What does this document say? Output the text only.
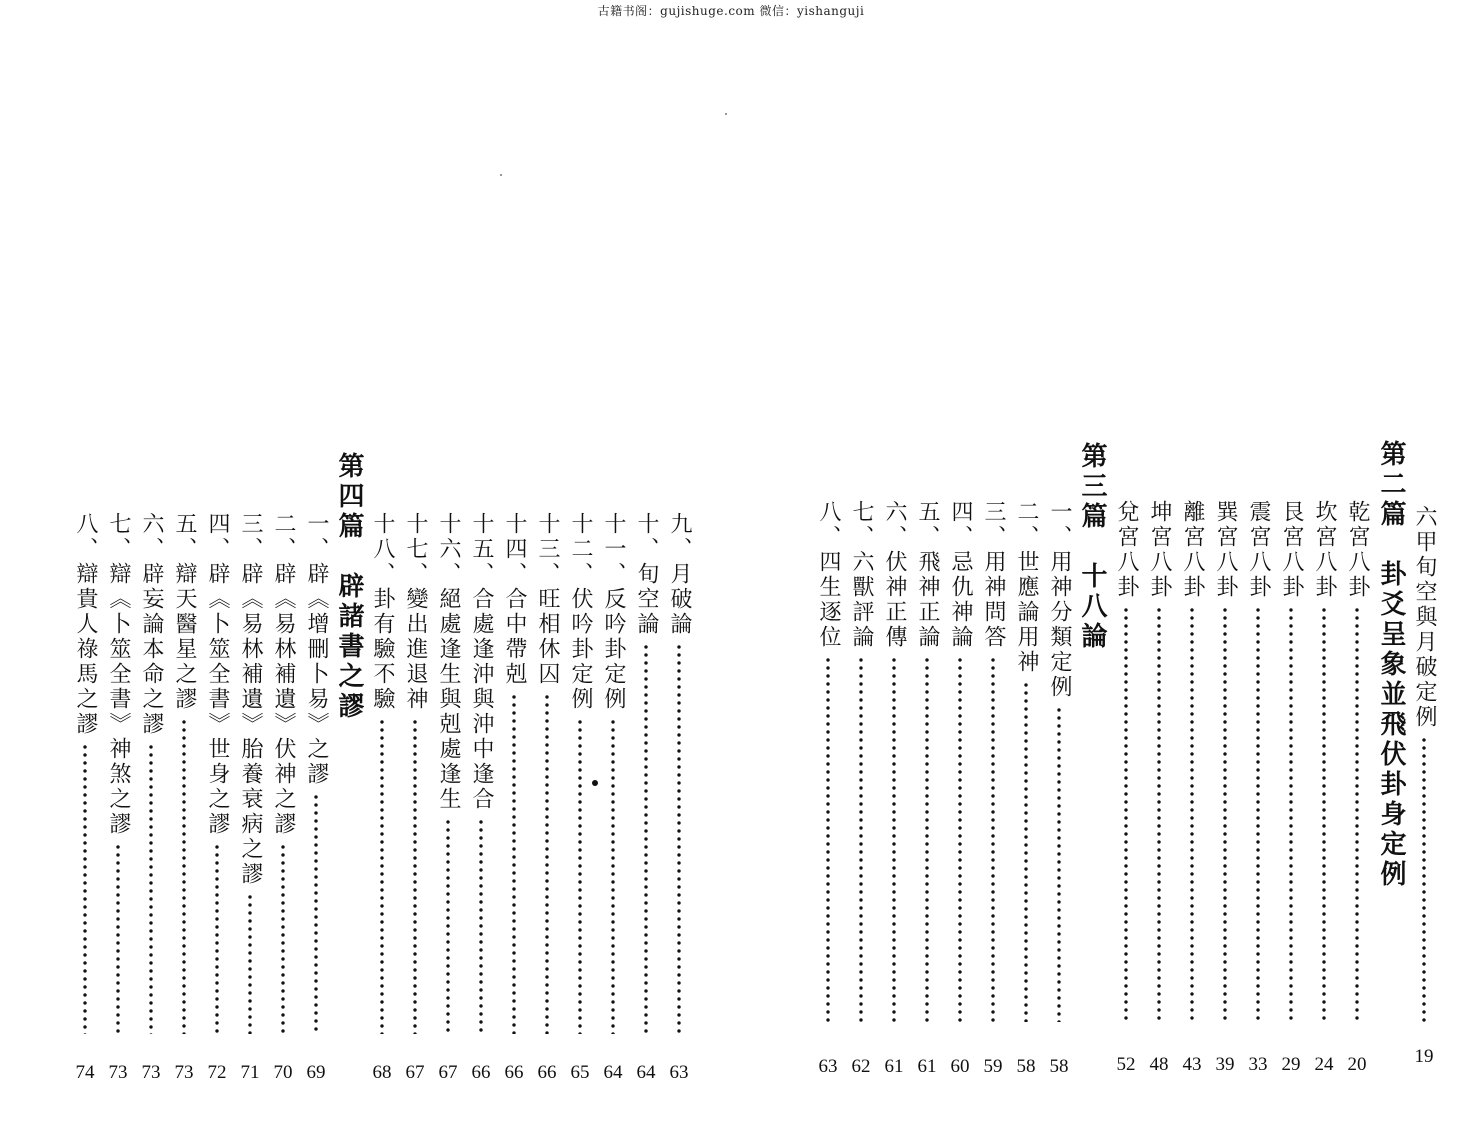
古籍书阁：gujishuge.com 微信：yishanguji
六甲旬空與月破定例
19
第二篇　卦爻呈象並飛伏卦身定例
乾宮八卦
20
坎宮八卦
24
艮宮八卦
29
震宮八卦
33
巽宮八卦
39
離宮八卦
43
坤宮八卦
48
兌宮八卦
52
第三篇　十八論
一、用神分類定例
58
二、世應論用神
58
三、用神問答
59
四、忌仇神論
60
五、飛神正論
61
六、伏神正傳
61
七、六獸評論
62
八、四生逐位
63
九、月破論
63
十、旬空論
64
十一、反吟卦定例
64
十二、伏吟卦定例
65
十三、旺相休囚
66
十四、合中帶剋
66
十五、合處逢沖與沖中逢合
66
十六、絕處逢生與剋處逢生
67
十七、變出進退神
67
十八、卦有驗不驗
68
第四篇　辟諸書之謬
一、辟《增刪卜易》之謬
69
二、辟《易林補遺》伏神之謬
70
三、辟《易林補遺》胎養衰病之謬
71
四、辟《卜筮全書》世身之謬
72
五、辯天醫星之謬
73
六、辟妄論本命之謬
73
七、辯《卜筮全書》神煞之謬
73
八、辯貴人祿馬之謬
74
